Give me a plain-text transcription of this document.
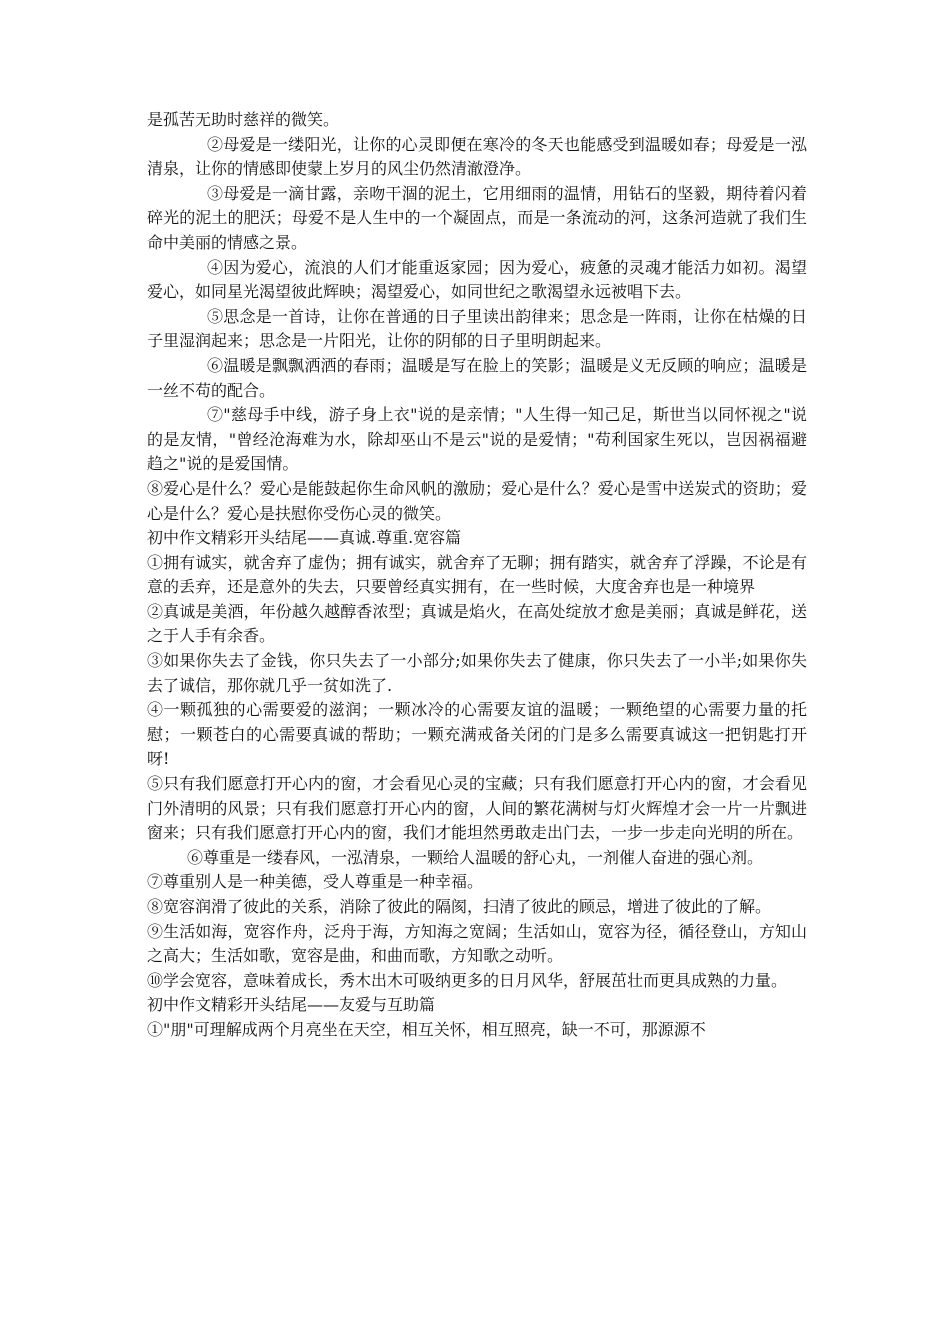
是孤苦无助时慈祥的微笑。

②母爱是一缕阳光，让你的心灵即便在寒冷的冬天也能感受到温暖如春；母爱是一泓清泉，让你的情感即使蒙上岁月的风尘仍然清澈澄净。

③母爱是一滴甘露，亲吻干涸的泥土，它用细雨的温情，用钻石的坚毅，期待着闪着碎光的泥土的肥沃；母爱不是人生中的一个凝固点，而是一条流动的河，这条河造就了我们生命中美丽的情感之景。

④因为爱心，流浪的人们才能重返家园；因为爱心，疲惫的灵魂才能活力如初。渴望爱心，如同星光渴望彼此辉映；渴望爱心，如同世纪之歌渴望永远被唱下去。

⑤思念是一首诗，让你在普通的日子里读出韵律来；思念是一阵雨，让你在枯燥的日子里湿润起来；思念是一片阳光，让你的阴郁的日子里明朗起来。

⑥温暖是飘飘洒洒的春雨；温暖是写在脸上的笑影；温暖是义无反顾的响应；温暖是一丝不苟的配合。

⑦"慈母手中线，游子身上衣"说的是亲情；"人生得一知己足，斯世当以同怀视之"说的是友情，"曾经沧海难为水，除却巫山不是云"说的是爱情；"苟利国家生死以，岂因祸福避趋之"说的是爱国情。

⑧爱心是什么？爱心是能鼓起你生命风帆的激励；爱心是什么？爱心是雪中送炭式的资助；爱心是什么？爱心是扶慰你受伤心灵的微笑。

初中作文精彩开头结尾——真诚.尊重.宽容篇

①拥有诚实，就舍弃了虚伪；拥有诚实，就舍弃了无聊；拥有踏实，就舍弃了浮躁，不论是有意的丢弃，还是意外的失去，只要曾经真实拥有，在一些时候，大度舍弃也是一种境界

②真诚是美酒，年份越久越醇香浓型；真诚是焰火，在高处绽放才愈是美丽；真诚是鲜花，送之于人手有余香。

③如果你失去了金钱，你只失去了一小部分;如果你失去了健康，你只失去了一小半;如果你失去了诚信，那你就几乎一贫如洗了.

④一颗孤独的心需要爱的滋润；一颗冰冷的心需要友谊的温暖；一颗绝望的心需要力量的托慰；一颗苍白的心需要真诚的帮助；一颗充满戒备关闭的门是多么需要真诚这一把钥匙打开呀!

⑤只有我们愿意打开心内的窗，才会看见心灵的宝藏；只有我们愿意打开心内的窗，才会看见门外清明的风景；只有我们愿意打开心内的窗，人间的繁花满树与灯火辉煌才会一片一片飘进窗来；只有我们愿意打开心内的窗，我们才能坦然勇敢走出门去，一步一步走向光明的所在。

⑥尊重是一缕春风，一泓清泉，一颗给人温暖的舒心丸，一剂催人奋进的强心剂。

⑦尊重别人是一种美德，受人尊重是一种幸福。

⑧宽容润滑了彼此的关系，消除了彼此的隔阂，扫清了彼此的顾忌，增进了彼此的了解。

⑨生活如海，宽容作舟，泛舟于海，方知海之宽阔；生活如山，宽容为径，循径登山，方知山之高大；生活如歌，宽容是曲，和曲而歌，方知歌之动听。

⑩学会宽容，意味着成长，秀木出木可吸纳更多的日月风华，舒展茁壮而更具成熟的力量。

初中作文精彩开头结尾——友爱与互助篇

①"朋"可理解成两个月亮坐在天空，相互关怀，相互照亮，缺一不可，那源源不
